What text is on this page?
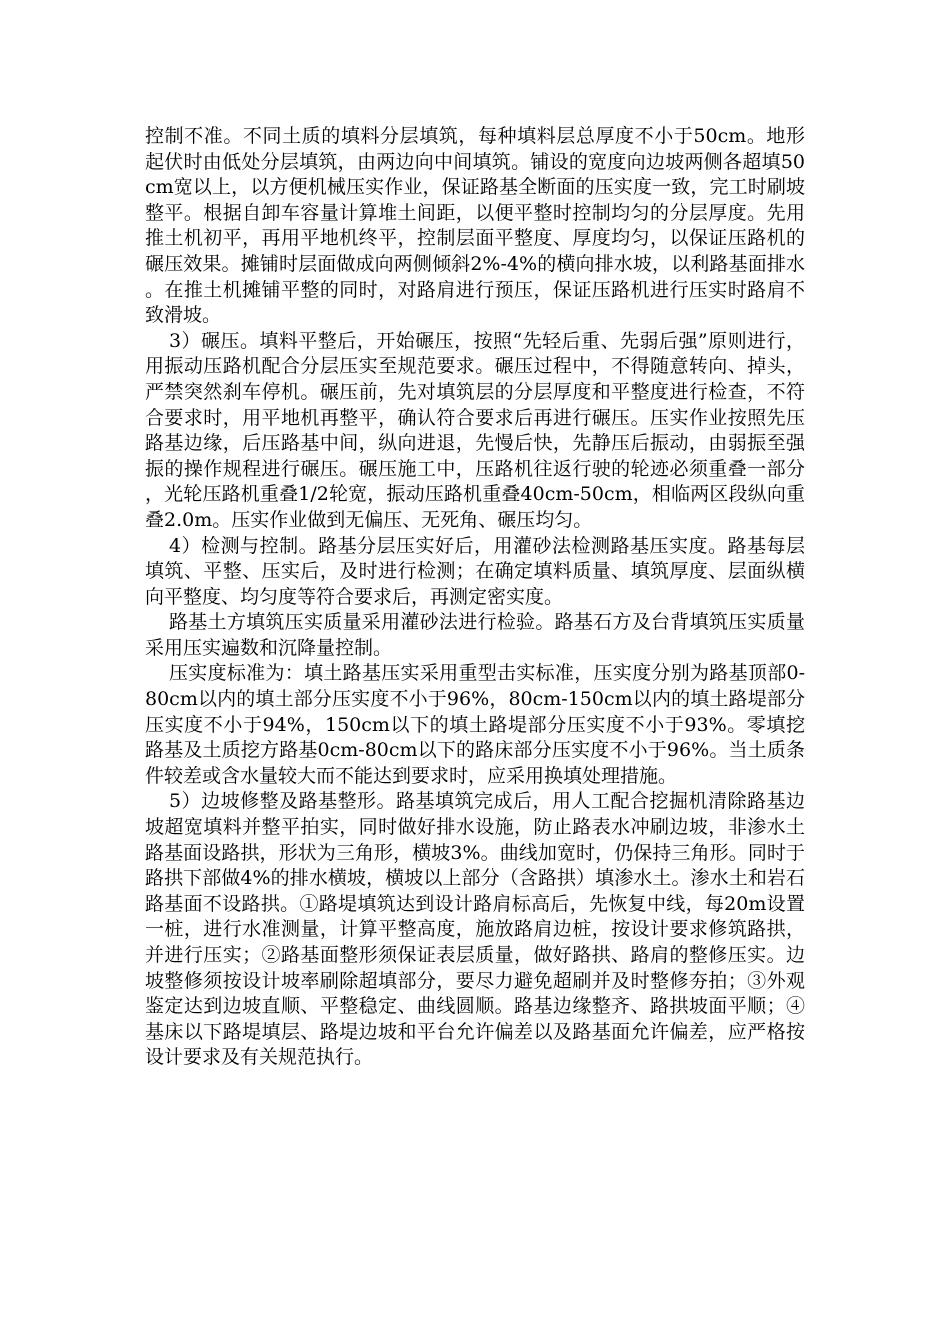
控制不准。不同土质的填料分层填筑，每种填料层总厚度不小于50cm。地形起伏时由低处分层填筑，由两边向中间填筑。铺设的宽度向边坡两侧各超填50cm宽以上，以方便机械压实作业，保证路基全断面的压实度一致，完工时刷坡整平。根据自卸车容量计算堆土间距，以便平整时控制均匀的分层厚度。先用推土机初平，再用平地机终平，控制层面平整度、厚度均匀，以保证压路机的碾压效果。摊铺时层面做成向两侧倾斜2%-4%的横向排水坡，以利路基面排水。在推土机摊铺平整的同时，对路肩进行预压，保证压路机进行压实时路肩不致滑坡。

3）碾压。填料平整后，开始碾压，按照“先轻后重、先弱后强”原则进行，用振动压路机配合分层压实至规范要求。碾压过程中，不得随意转向、掉头，严禁突然刹车停机。碾压前，先对填筑层的分层厚度和平整度进行检查，不符合要求时，用平地机再整平，确认符合要求后再进行碾压。压实作业按照先压路基边缘，后压路基中间，纵向进退，先慢后快，先静压后振动，由弱振至强振的操作规程进行碾压。碾压施工中，压路机往返行驶的轮迹必须重叠一部分，光轮压路机重叠1/2轮宽，振动压路机重叠40cm-50cm，相临两区段纵向重叠2.0m。压实作业做到无偏压、无死角、碾压均匀。

4）检测与控制。路基分层压实好后，用灌砂法检测路基压实度。路基每层填筑、平整、压实后，及时进行检测；在确定填料质量、填筑厚度、层面纵横向平整度、均匀度等符合要求后，再测定密实度。

路基土方填筑压实质量采用灌砂法进行检验。路基石方及台背填筑压实质量采用压实遍数和沉降量控制。

压实度标准为：填土路基压实采用重型击实标准，压实度分别为路基顶部0-80cm以内的填土部分压实度不小于96%，80cm-150cm以内的填土路堤部分压实度不小于94%，150cm以下的填土路堤部分压实度不小于93%。零填挖路基及土质挖方路基0cm-80cm以下的路床部分压实度不小于96%。当土质条件较差或含水量较大而不能达到要求时，应采用换填处理措施。

5）边坡修整及路基整形。路基填筑完成后，用人工配合挖掘机清除路基边坡超宽填料并整平拍实，同时做好排水设施，防止路表水冲刷边坡，非渗水土路基面设路拱，形状为三角形，横坡3%。曲线加宽时，仍保持三角形。同时于路拱下部做4%的排水横坡，横坡以上部分（含路拱）填渗水土。渗水土和岩石路基面不设路拱。①路堤填筑达到设计路肩标高后，先恢复中线，每20m设置一桩，进行水准测量，计算平整高度，施放路肩边桩，按设计要求修筑路拱，并进行压实；②路基面整形须保证表层质量，做好路拱、路肩的整修压实。边坡整修须按设计坡率刷除超填部分，要尽力避免超刷并及时整修夯拍；③外观鉴定达到边坡直顺、平整稳定、曲线圆顺。路基边缘整齐、路拱坡面平顺；④基床以下路堤填层、路堤边坡和平台允许偏差以及路基面允许偏差，应严格按设计要求及有关规范执行。
